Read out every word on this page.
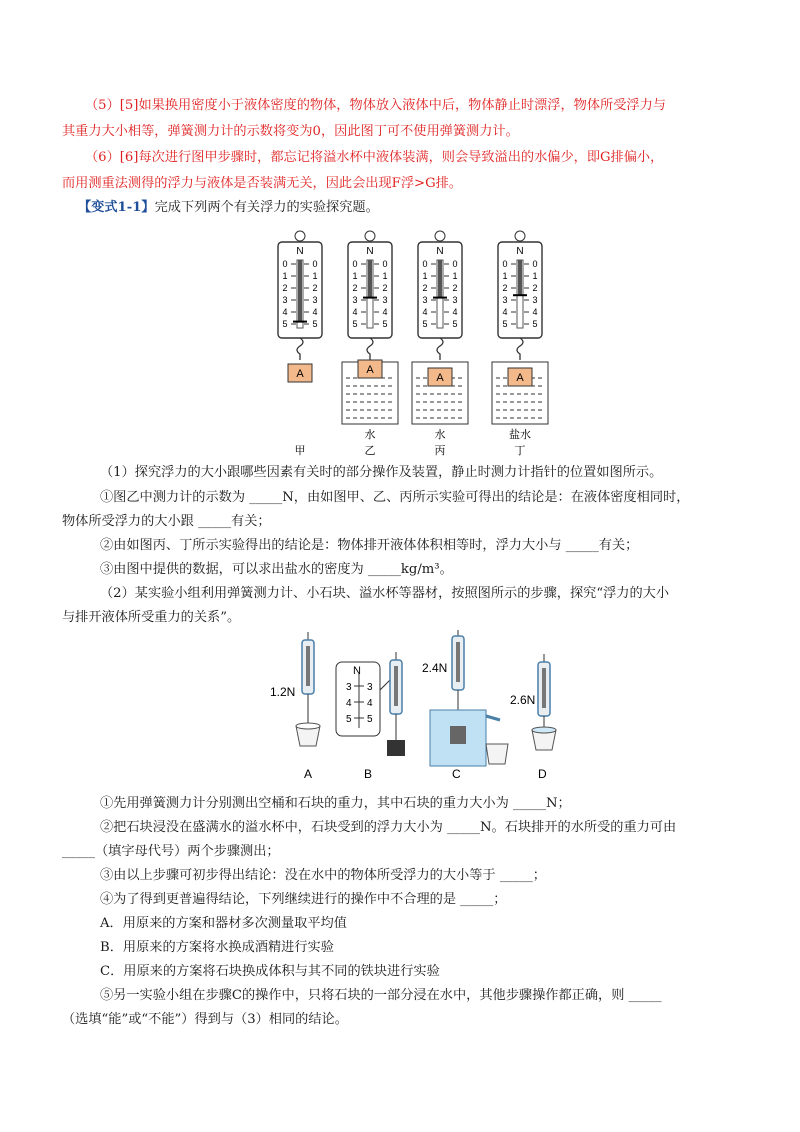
（5）[5]如果换用密度小于液体密度的物体，物体放入液体中后，物体静止时漂浮，物体所受浮力与
其重力大小相等，弹簧测力计的示数将变为0，因此图丁可不使用弹簧测力计。
（6）[6]每次进行图甲步骤时，都忘记将溢水杯中液体装满，则会导致溢出的水偏少，即G排偏小，
而用测重法测得的浮力与液体是否装满无关，因此会出现F浮>G排。
【变式1-1】完成下列两个有关浮力的实验探究题。
N
0	0
1	1
2	2
3	3
4	4
5	5
A
甲
N
0	0
1	1
2	2
3	3
4	4
5	5
水
A
乙
N
0	0
1	1
2	2
3	3
4	4
5	5
水
A
丙
N
0	0
1	1
2	2
3	3
4	4
5	5
盐水
A
丁
（1）探究浮力的大小跟哪些因素有关时的部分操作及装置，静止时测力计指针的位置如图所示。
①图乙中测力计的示数为 _____N，由如图甲、乙、丙所示实验可得出的结论是：在液体密度相同时，
物体所受浮力的大小跟 _____有关；
②由如图丙、丁所示实验得出的结论是：物体排开液体体积相等时，浮力大小与 _____有关；
③由图中提供的数据，可以求出盐水的密度为 _____kg/m³。
（2）某实验小组利用弹簧测力计、小石块、溢水杯等器材，按照图所示的步骤，探究“浮力的大小
与排开液体所受重力的关系”。
1.2N	3 3
4 4
5 5
N	2.4N
2.6N
A	B	C	D
①先用弹簧测力计分别测出空桶和石块的重力，其中石块的重力大小为 _____N；
②把石块浸没在盛满水的溢水杯中，石块受到的浮力大小为 _____N。石块排开的水所受的重力可由
_____（填字母代号）两个步骤测出；
③由以上步骤可初步得出结论：没在水中的物体所受浮力的大小等于 _____；
④为了得到更普遍得结论，下列继续进行的操作中不合理的是 _____；
A．用原来的方案和器材多次测量取平均值
B．用原来的方案将水换成酒精进行实验
C．用原来的方案将石块换成体积与其不同的铁块进行实验
⑤另一实验小组在步骤C的操作中，只将石块的一部分浸在水中，其他步骤操作都正确，则 _____
（选填“能”或“不能”）得到与（3）相同的结论。
